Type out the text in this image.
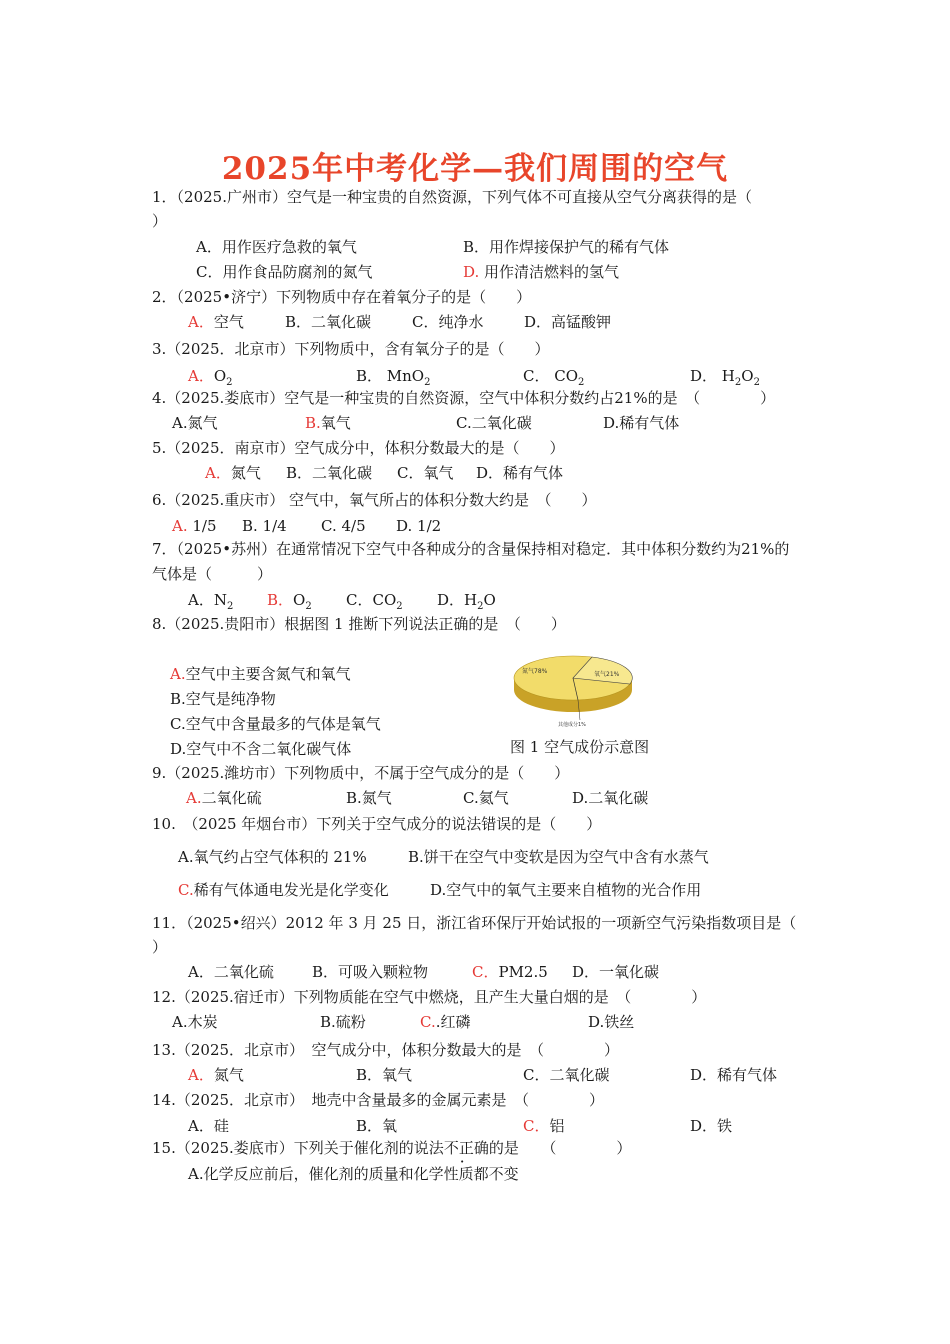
2025年中考化学—我们周围的空气
1．（2025.广州市）空气是一种宝贵的自然资源，下列气体不可直接从空气分离获得的是（
）
A．用作医疗急救的氧气	B．用作焊接保护气的稀有气体
C．用作食品防腐剂的氮气	D. 用作清洁燃料的氢气
2．（2025•济宁）下列物质中存在着氧分子的是（　　）
A．空气	B．二氧化碳	C．纯净水	D．高锰酸钾
3.（2025．北京市）下列物质中，含有氧分子的是（　　）
A．$O_2$	B． MnO$_2$	C． $CO_2$	D． $H_2O_2$
4.（2025.娄底市）空气是一种宝贵的自然资源，空气中体积分数约占21%的是　（　　　　）
A.氮气	B.氧气	C.二氧化碳	D.稀有气体
5.（2025．南京市）空气成分中，体积分数最大的是（　　）
A．氮气 B．二氧化碳 C．氧气 D．稀有气体
6.（2025.重庆市） 空气中，氧气所占的体积分数大约是　（　　）
A. 1/5 B. 1/4 C. 4/5 D. 1/2
7．（2025•苏州）在通常情况下空气中各种成分的含量保持相对稳定．其中体积分数约为21%的
气体是（　　　）
A．$N_2$ B．$O_2$ C．$CO_2$ D．$H_2O$
8.（2025.贵阳市）根据图 1 推断下列说法正确的是　（　　）
A.空气中主要含氮气和氧气
B.空气是纯净物
C.空气中含量最多的气体是氧气
D.空气中不含二氧化碳气体
氮气78%	氧气21%
其他成分1%
图 1 空气成份示意图
9.（2025.潍坊市）下列物质中，不属于空气成分的是（　　）
A.二氧化硫	B.氮气	C.氦气	D.二氧化碳
10.　（2025 年烟台市）下列关于空气成分的说法错误的是（　　）
A.氧气约占空气体积的 21%	B.饼干在空气中变软是因为空气中含有水蒸气
C.稀有气体通电发光是化学变化	D.空气中的氧气主要来自植物的光合作用
11．（2025•绍兴）2012 年 3 月 25 日，浙江省环保厅开始试报的一项新空气污染指数项目是（
）
A．二氧化硫	B．可吸入颗粒物	C．PM2.5 D．一氧化碳
12.（2025.宿迁市）下列物质能在空气中燃烧，且产生大量白烟的是　（　　　　）
A.木炭	B.硫粉	C..红磷	D.铁丝
13.（2025．北京市）　空气成分中，体积分数最大的是　（　　　　）
A．氮气	B．氧气	C．二氧化碳	D．稀有气体
14.（2025．北京市）　地壳中含量最多的金属元素是　（　　　　）
A．硅	B．氧	C．铝	D．铁
15.（2025.娄底市）下列关于催化剂的说法不正确的是　　（　　　　）
A.化学反应前后，催化剂的质量和化学性质都不变
